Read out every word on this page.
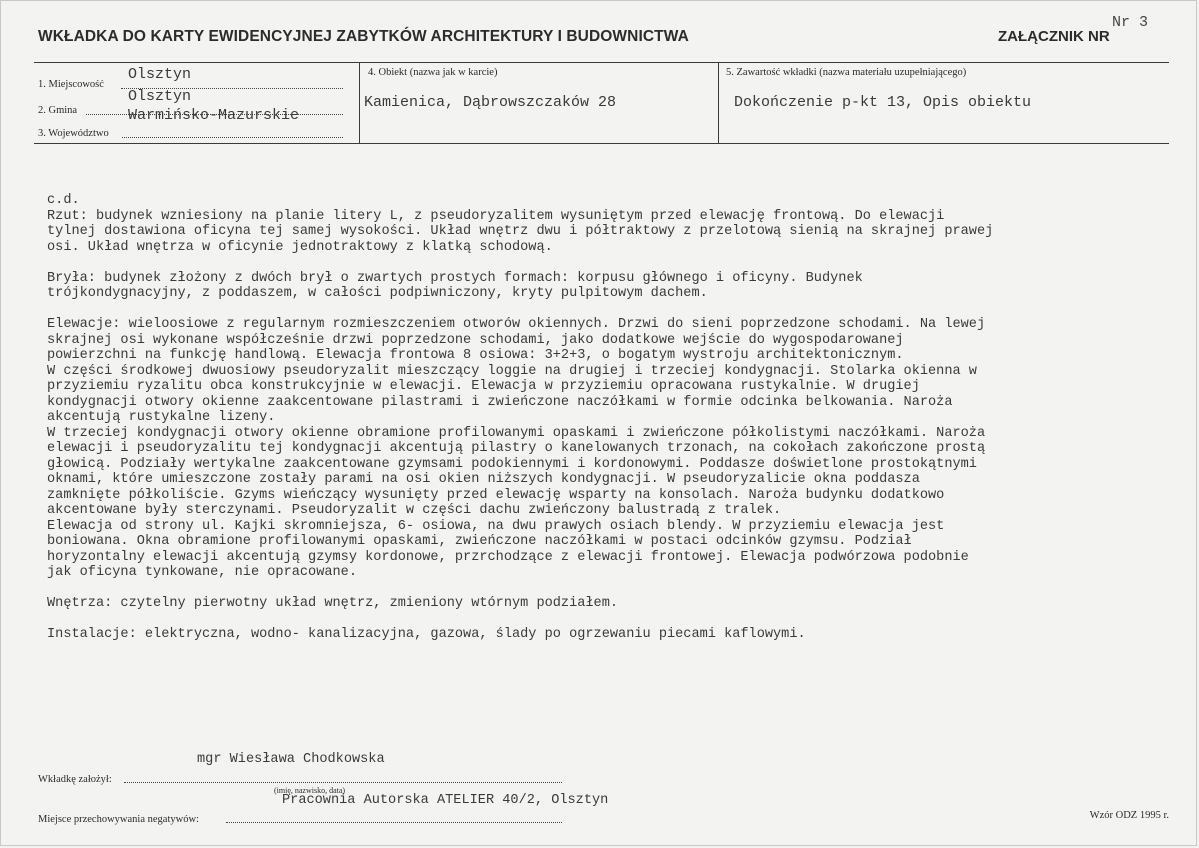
WKŁADKA DO KARTY EWIDENCYJNEJ ZABYTKÓW ARCHITEKTURY I BUDOWNICTWA	ZAŁĄCZNIK NR
Nr 3
1. Miejscowość
Olsztyn
2. Gmina
Olsztyn
3. Województwo
Warmińsko-Mazurskie
4. Obiekt (nazwa jak w karcie)
Kamienica, Dąbrowszczaków 28
5. Zawartość wkładki (nazwa materiału uzupełniającego)
Dokończenie p-kt 13, Opis obiektu

c.d.

Rzut: budynek wzniesiony na planie litery L, z pseudoryzalitem wysuniętym przed elewację frontową. Do elewacji

tylnej dostawiona oficyna tej samej wysokości. Układ wnętrz dwu i półtraktowy z przelotową sienią na skrajnej prawej

osi. Układ wnętrza w oficynie jednotraktowy z klatką schodową.

Bryła: budynek złożony z dwóch brył o zwartych prostych formach: korpusu głównego i oficyny. Budynek

trójkondygnacyjny, z poddaszem, w całości podpiwniczony, kryty pulpitowym dachem.

Elewacje: wieloosiowe z regularnym rozmieszczeniem otworów okiennych. Drzwi do sieni poprzedzone schodami. Na lewej

skrajnej osi wykonane współcześnie drzwi poprzedzone schodami, jako dodatkowe wejście do wygospodarowanej

powierzchni na funkcję handlową. Elewacja frontowa 8 osiowa: 3+2+3, o bogatym wystroju architektonicznym.

W części środkowej dwuosiowy pseudoryzalit mieszczący loggie na drugiej i trzeciej kondygnacji. Stolarka okienna w

przyziemiu ryzalitu obca konstrukcyjnie w elewacji. Elewacja w przyziemiu opracowana rustykalnie. W drugiej

kondygnacji otwory okienne zaakcentowane pilastrami i zwieńczone naczółkami w formie odcinka belkowania. Naroża

akcentują rustykalne lizeny.

W trzeciej kondygnacji otwory okienne obramione profilowanymi opaskami i zwieńczone półkolistymi naczółkami. Naroża

elewacji i pseudoryzalitu tej kondygnacji akcentują pilastry o kanelowanych trzonach, na cokołach zakończone prostą

głowicą. Podziały wertykalne zaakcentowane gzymsami podokiennymi i kordonowymi. Poddasze doświetlone prostokątnymi

oknami, które umieszczone zostały parami na osi okien niższych kondygnacji. W pseudoryzalicie okna poddasza

zamknięte półkoliście. Gzyms wieńczący wysunięty przed elewację wsparty na konsolach. Naroża budynku dodatkowo

akcentowane były sterczynami. Pseudoryzalit w części dachu zwieńczony balustradą z tralek.

Elewacja od strony ul. Kajki skromniejsza, 6- osiowa, na dwu prawych osiach blendy. W przyziemiu elewacja jest

boniowana. Okna obramione profilowanymi opaskami, zwieńczone naczółkami w postaci odcinków gzymsu. Podział

horyzontalny elewacji akcentują gzymsy kordonowe, przrchodzące z elewacji frontowej. Elewacja podwórzowa podobnie

jak oficyna tynkowane, nie opracowane.

Wnętrza: czytelny pierwotny układ wnętrz, zmieniony wtórnym podziałem.

Instalacje: elektryczna, wodno- kanalizacyjna, gazowa, ślady po ogrzewaniu piecami kaflowymi.

mgr Wiesława Chodkowska
Wkładkę założył:
(imię, nazwisko, data)
Pracownia Autorska ATELIER 40/2, Olsztyn
Miejsce przechowywania negatywów:	Wzór ODZ 1995 r.
